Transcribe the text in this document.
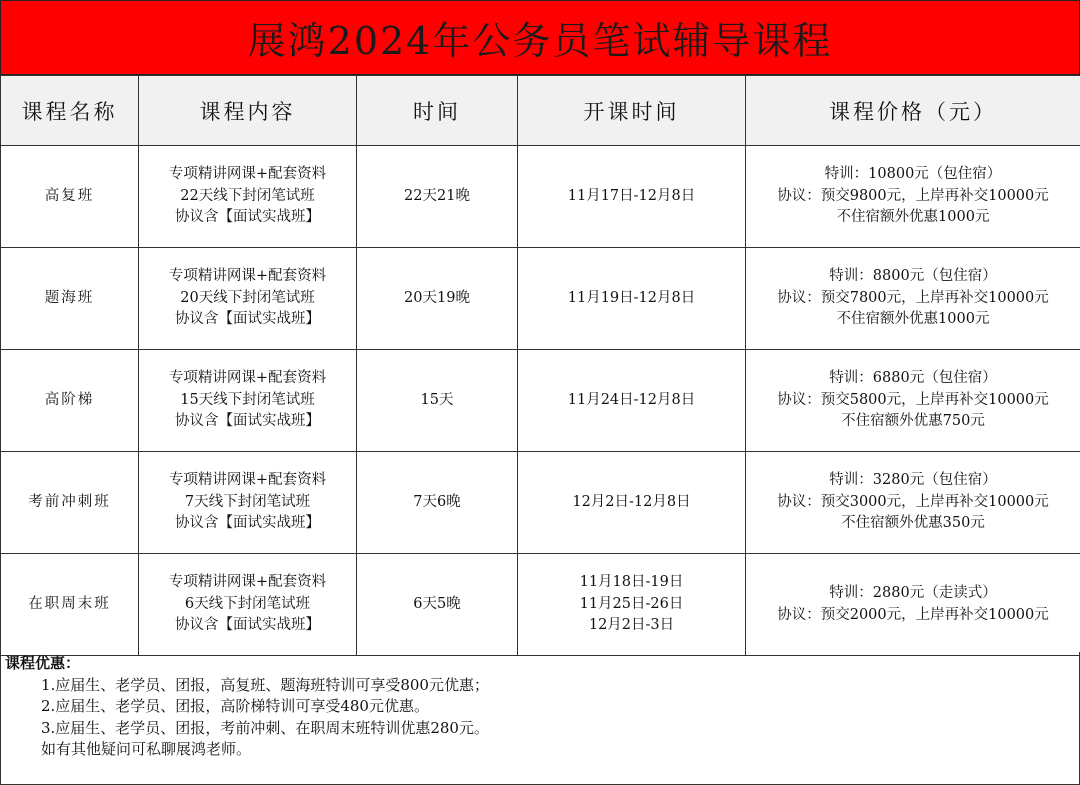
展鸿2024年公务员笔试辅导课程
课程名称	课程内容	时间	开课时间	课程价格（元）
高复班	专项精讲网课+配套资料
22天线下封闭笔试班
协议含【面试实战班】	22天21晚	11月17日-12月8日	特训：10800元（包住宿）
协议：预交9800元，上岸再补交10000元
不住宿额外优惠1000元

题海班	专项精讲网课+配套资料
20天线下封闭笔试班
协议含【面试实战班】	20天19晚	11月19日-12月8日	特训：8800元（包住宿）
协议：预交7800元，上岸再补交10000元
不住宿额外优惠1000元

高阶梯	专项精讲网课+配套资料
15天线下封闭笔试班
协议含【面试实战班】	15天	11月24日-12月8日	特训：6880元（包住宿）
协议：预交5800元，上岸再补交10000元
不住宿额外优惠750元

考前冲刺班	专项精讲网课+配套资料
7天线下封闭笔试班
协议含【面试实战班】	7天6晚	12月2日-12月8日	特训：3280元（包住宿）
协议：预交3000元，上岸再补交10000元
不住宿额外优惠350元

在职周末班	专项精讲网课+配套资料
6天线下封闭笔试班
协议含【面试实战班】	6天5晚	11月18日-19日
11月25日-26日
12月2日-3日	特训：2880元（走读式）
协议：预交2000元，上岸再补交10000元
课程优惠：
1.应届生、老学员、团报，高复班、题海班特训可享受800元优惠；
2.应届生、老学员、团报，高阶梯特训可享受480元优惠。
3.应届生、老学员、团报，考前冲刺、在职周末班特训优惠280元。
如有其他疑问可私聊展鸿老师。
